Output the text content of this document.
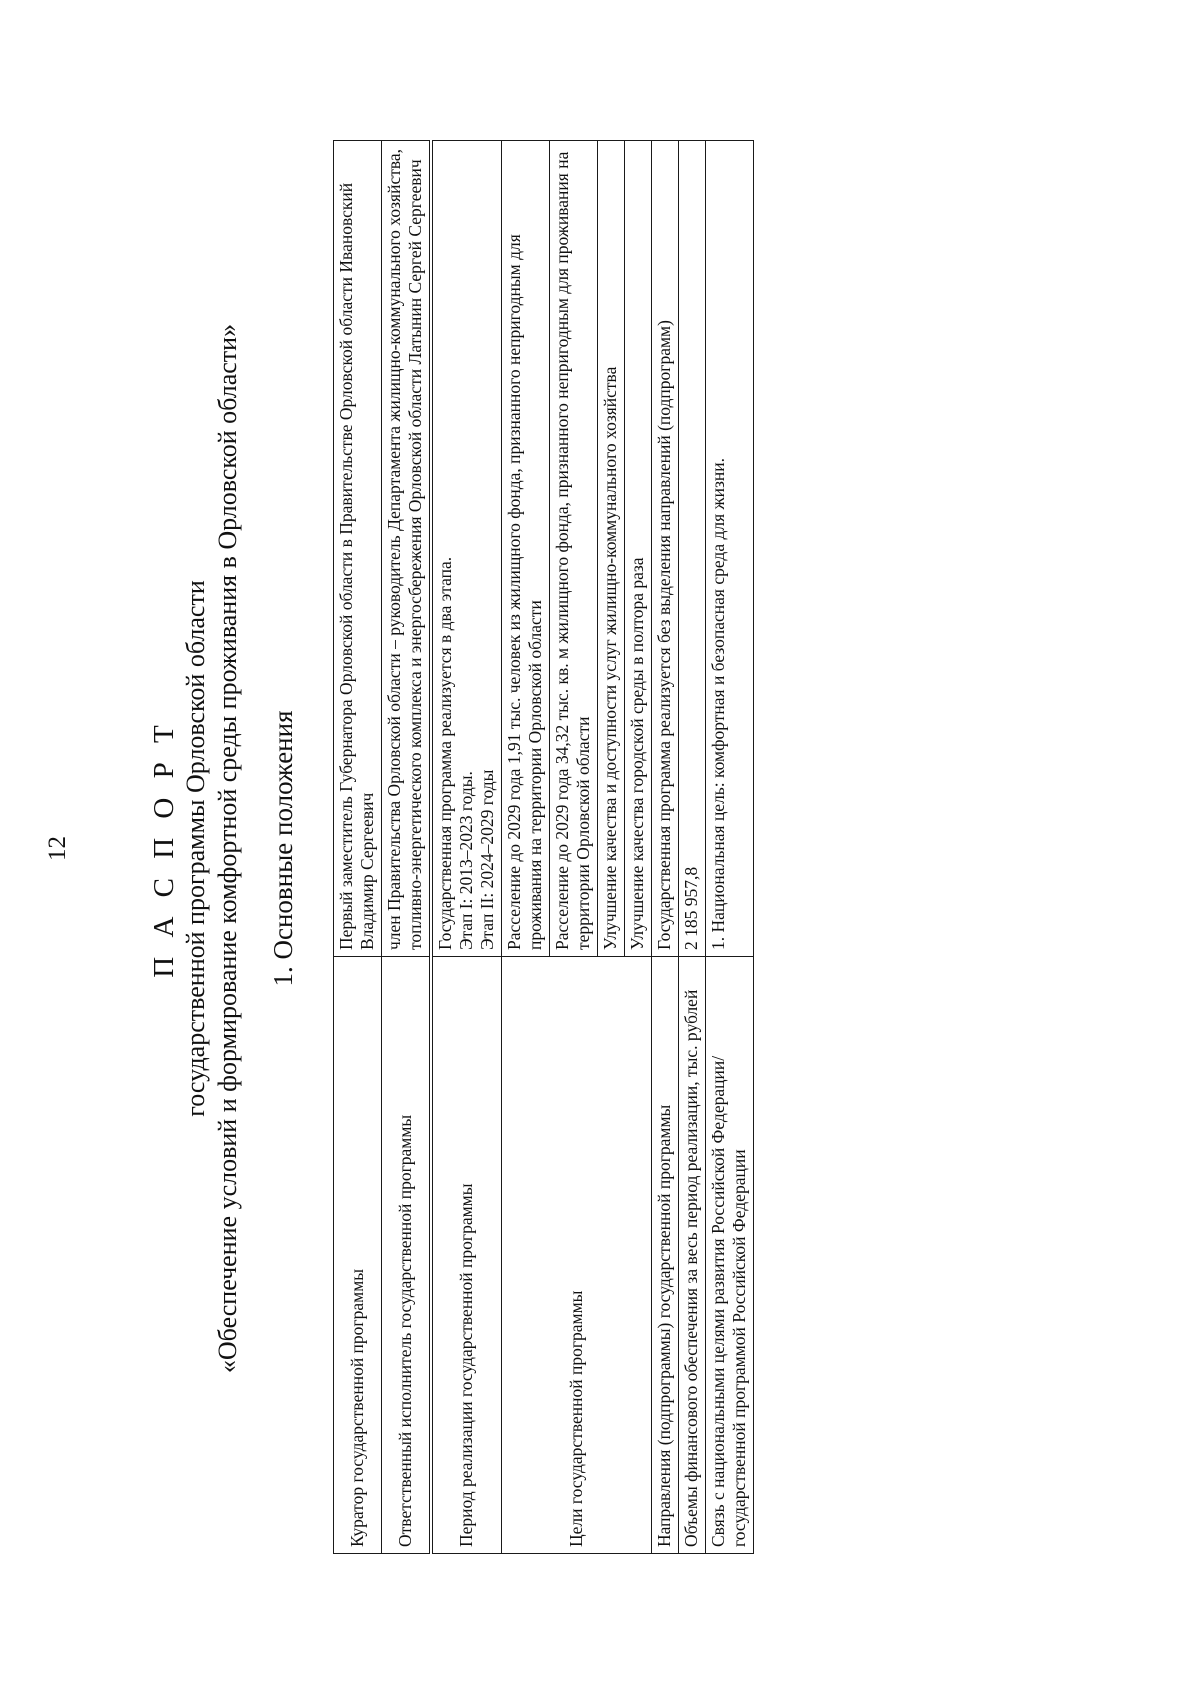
12	П А С П О Р Т государственной программы Орловской области «Обеспечение условий и формирование комфортной среды проживания в Орловской области» 1. Основные положения
Куратор государственной программы	Первый заместитель Губернатора Орловской области в Правительстве Орловской области Ивановский Владимир Сергеевич
Ответственный исполнитель государственной программы	член Правительства Орловской области – руководитель Департамента жилищно-коммунального хозяйства, топливно-энергетического комплекса и энергосбережения Орловской области Латынин Сергей Сергеевич
Период реализации государственной программы	Государственная программа реализуется в два этапа. Этап I: 2013–2023 годы. Этап II: 2024–2029 годы

Цели государственной программы	Расселение до 2029 года 1,91 тыс. человек из жилищного фонда, признанного непригодным для проживания на территории Орловской области
	Расселение до 2029 года 34,32 тыс. кв. м жилищного фонда, признанного непригодным для проживания на территории Орловской области
	Улучшение качества и доступности услуг жилищно-коммунального хозяйства
	Улучшение качества городской среды в полтора раза
Направления (подпрограммы) государственной программы	Государственная программа реализуется без выделения направлений (подпрограмм)
Объемы финансового обеспечения за весь период реализации, тыс. рублей	2 185 957,8
Связь с национальными целями развития Российской Федерации/ государственной программой Российской Федерации	1. Национальная цель: комфортная и безопасная среда для жизни.
